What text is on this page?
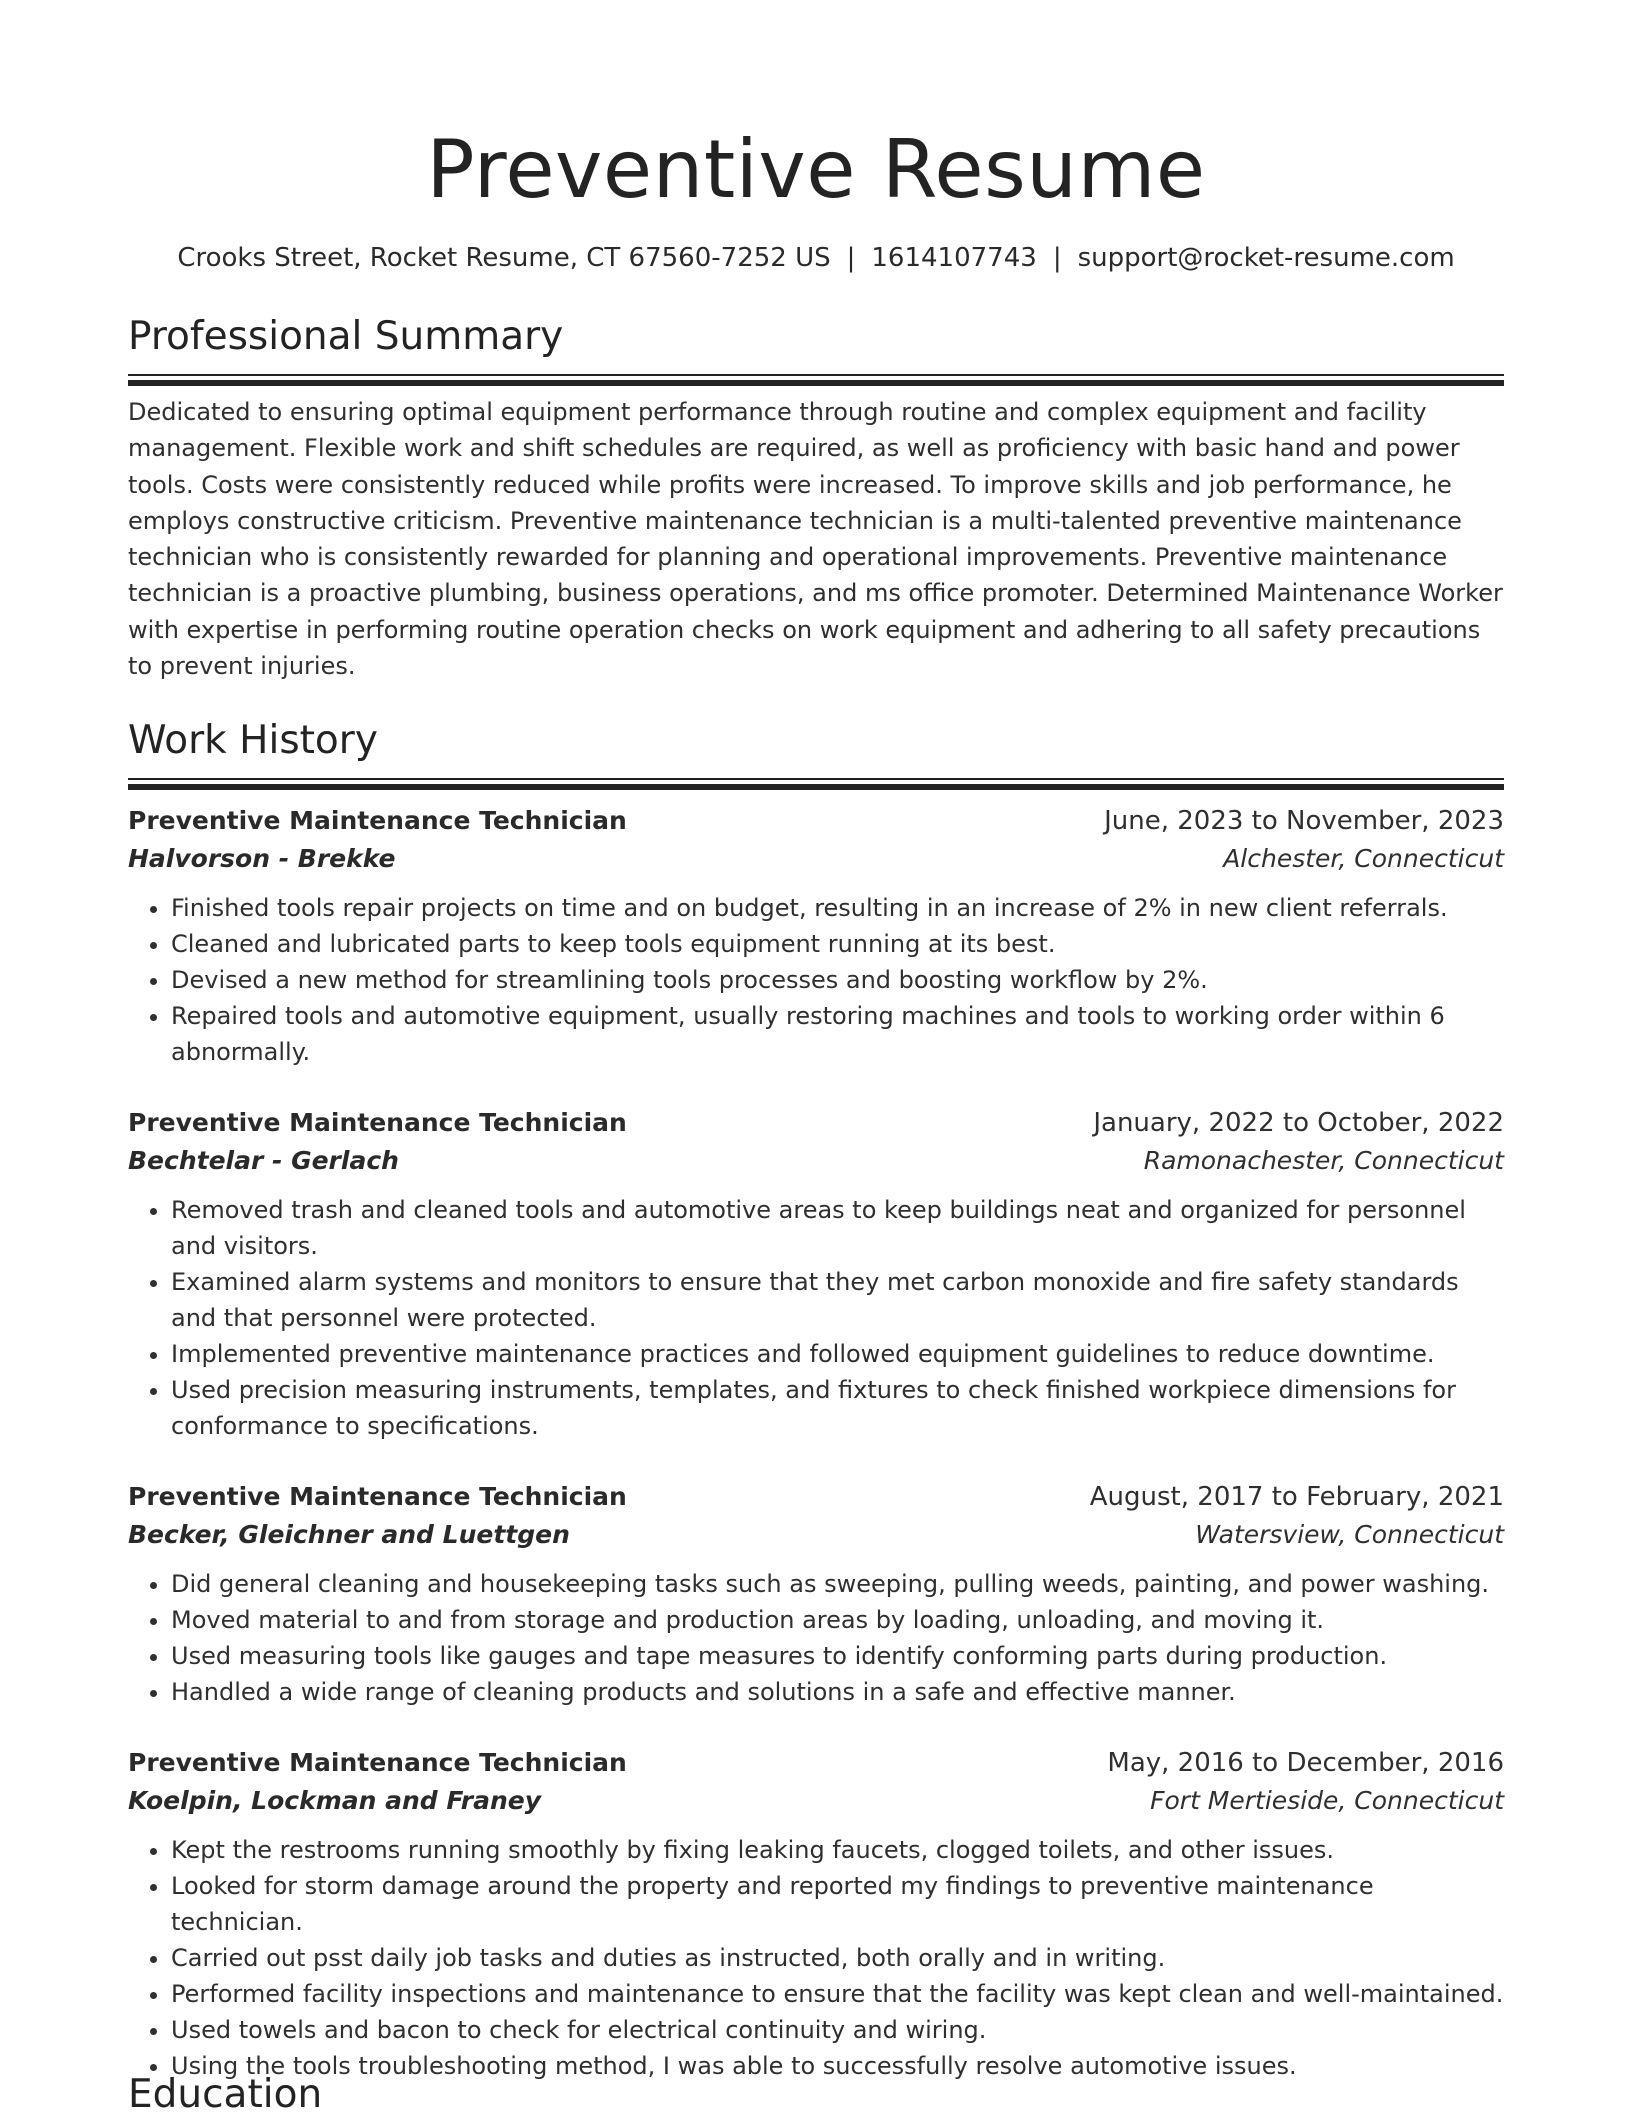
Preventive Resume
Crooks Street, Rocket Resume, CT 67560-7252 US | 1614107743 | support@rocket-resume.com
Professional Summary

Dedicated to ensuring optimal equipment performance through routine and complex equipment and facility management. Flexible work and shift schedules are required, as well as proficiency with basic hand and power tools. Costs were consistently reduced while profits were increased. To improve skills and job performance, he employs constructive criticism. Preventive maintenance technician is a multi-talented preventive maintenance technician who is consistently rewarded for planning and operational improvements. Preventive maintenance technician is a proactive plumbing, business operations, and ms office promoter. Determined Maintenance Worker with expertise in performing routine operation checks on work equipment and adhering to all safety precautions to prevent injuries.

Work History
Preventive Maintenance Technician	June, 2023 to November, 2023
Halvorson - Brekke	Alchester, Connecticut
• Finished tools repair projects on time and on budget, resulting in an increase of 2% in new client referrals.
• Cleaned and lubricated parts to keep tools equipment running at its best.
• Devised a new method for streamlining tools processes and boosting workflow by 2%.
• Repaired tools and automotive equipment, usually restoring machines and tools to working order within 6 abnormally.
Preventive Maintenance Technician	January, 2022 to October, 2022
Bechtelar - Gerlach	Ramonachester, Connecticut
• Removed trash and cleaned tools and automotive areas to keep buildings neat and organized for personnel and visitors.
• Examined alarm systems and monitors to ensure that they met carbon monoxide and fire safety standards and that personnel were protected.
• Implemented preventive maintenance practices and followed equipment guidelines to reduce downtime.
• Used precision measuring instruments, templates, and fixtures to check finished workpiece dimensions for conformance to specifications.
Preventive Maintenance Technician	August, 2017 to February, 2021
Becker, Gleichner and Luettgen	Watersview, Connecticut
• Did general cleaning and housekeeping tasks such as sweeping, pulling weeds, painting, and power washing.
• Moved material to and from storage and production areas by loading, unloading, and moving it.
• Used measuring tools like gauges and tape measures to identify conforming parts during production.
• Handled a wide range of cleaning products and solutions in a safe and effective manner.
Preventive Maintenance Technician	May, 2016 to December, 2016
Koelpin, Lockman and Franey	Fort Mertieside, Connecticut
• Kept the restrooms running smoothly by fixing leaking faucets, clogged toilets, and other issues.
• Looked for storm damage around the property and reported my findings to preventive maintenance technician.
• Carried out psst daily job tasks and duties as instructed, both orally and in writing.
• Performed facility inspections and maintenance to ensure that the facility was kept clean and well-maintained.
• Used towels and bacon to check for electrical continuity and wiring.
• Using the tools troubleshooting method, I was able to successfully resolve automotive issues.
Education
